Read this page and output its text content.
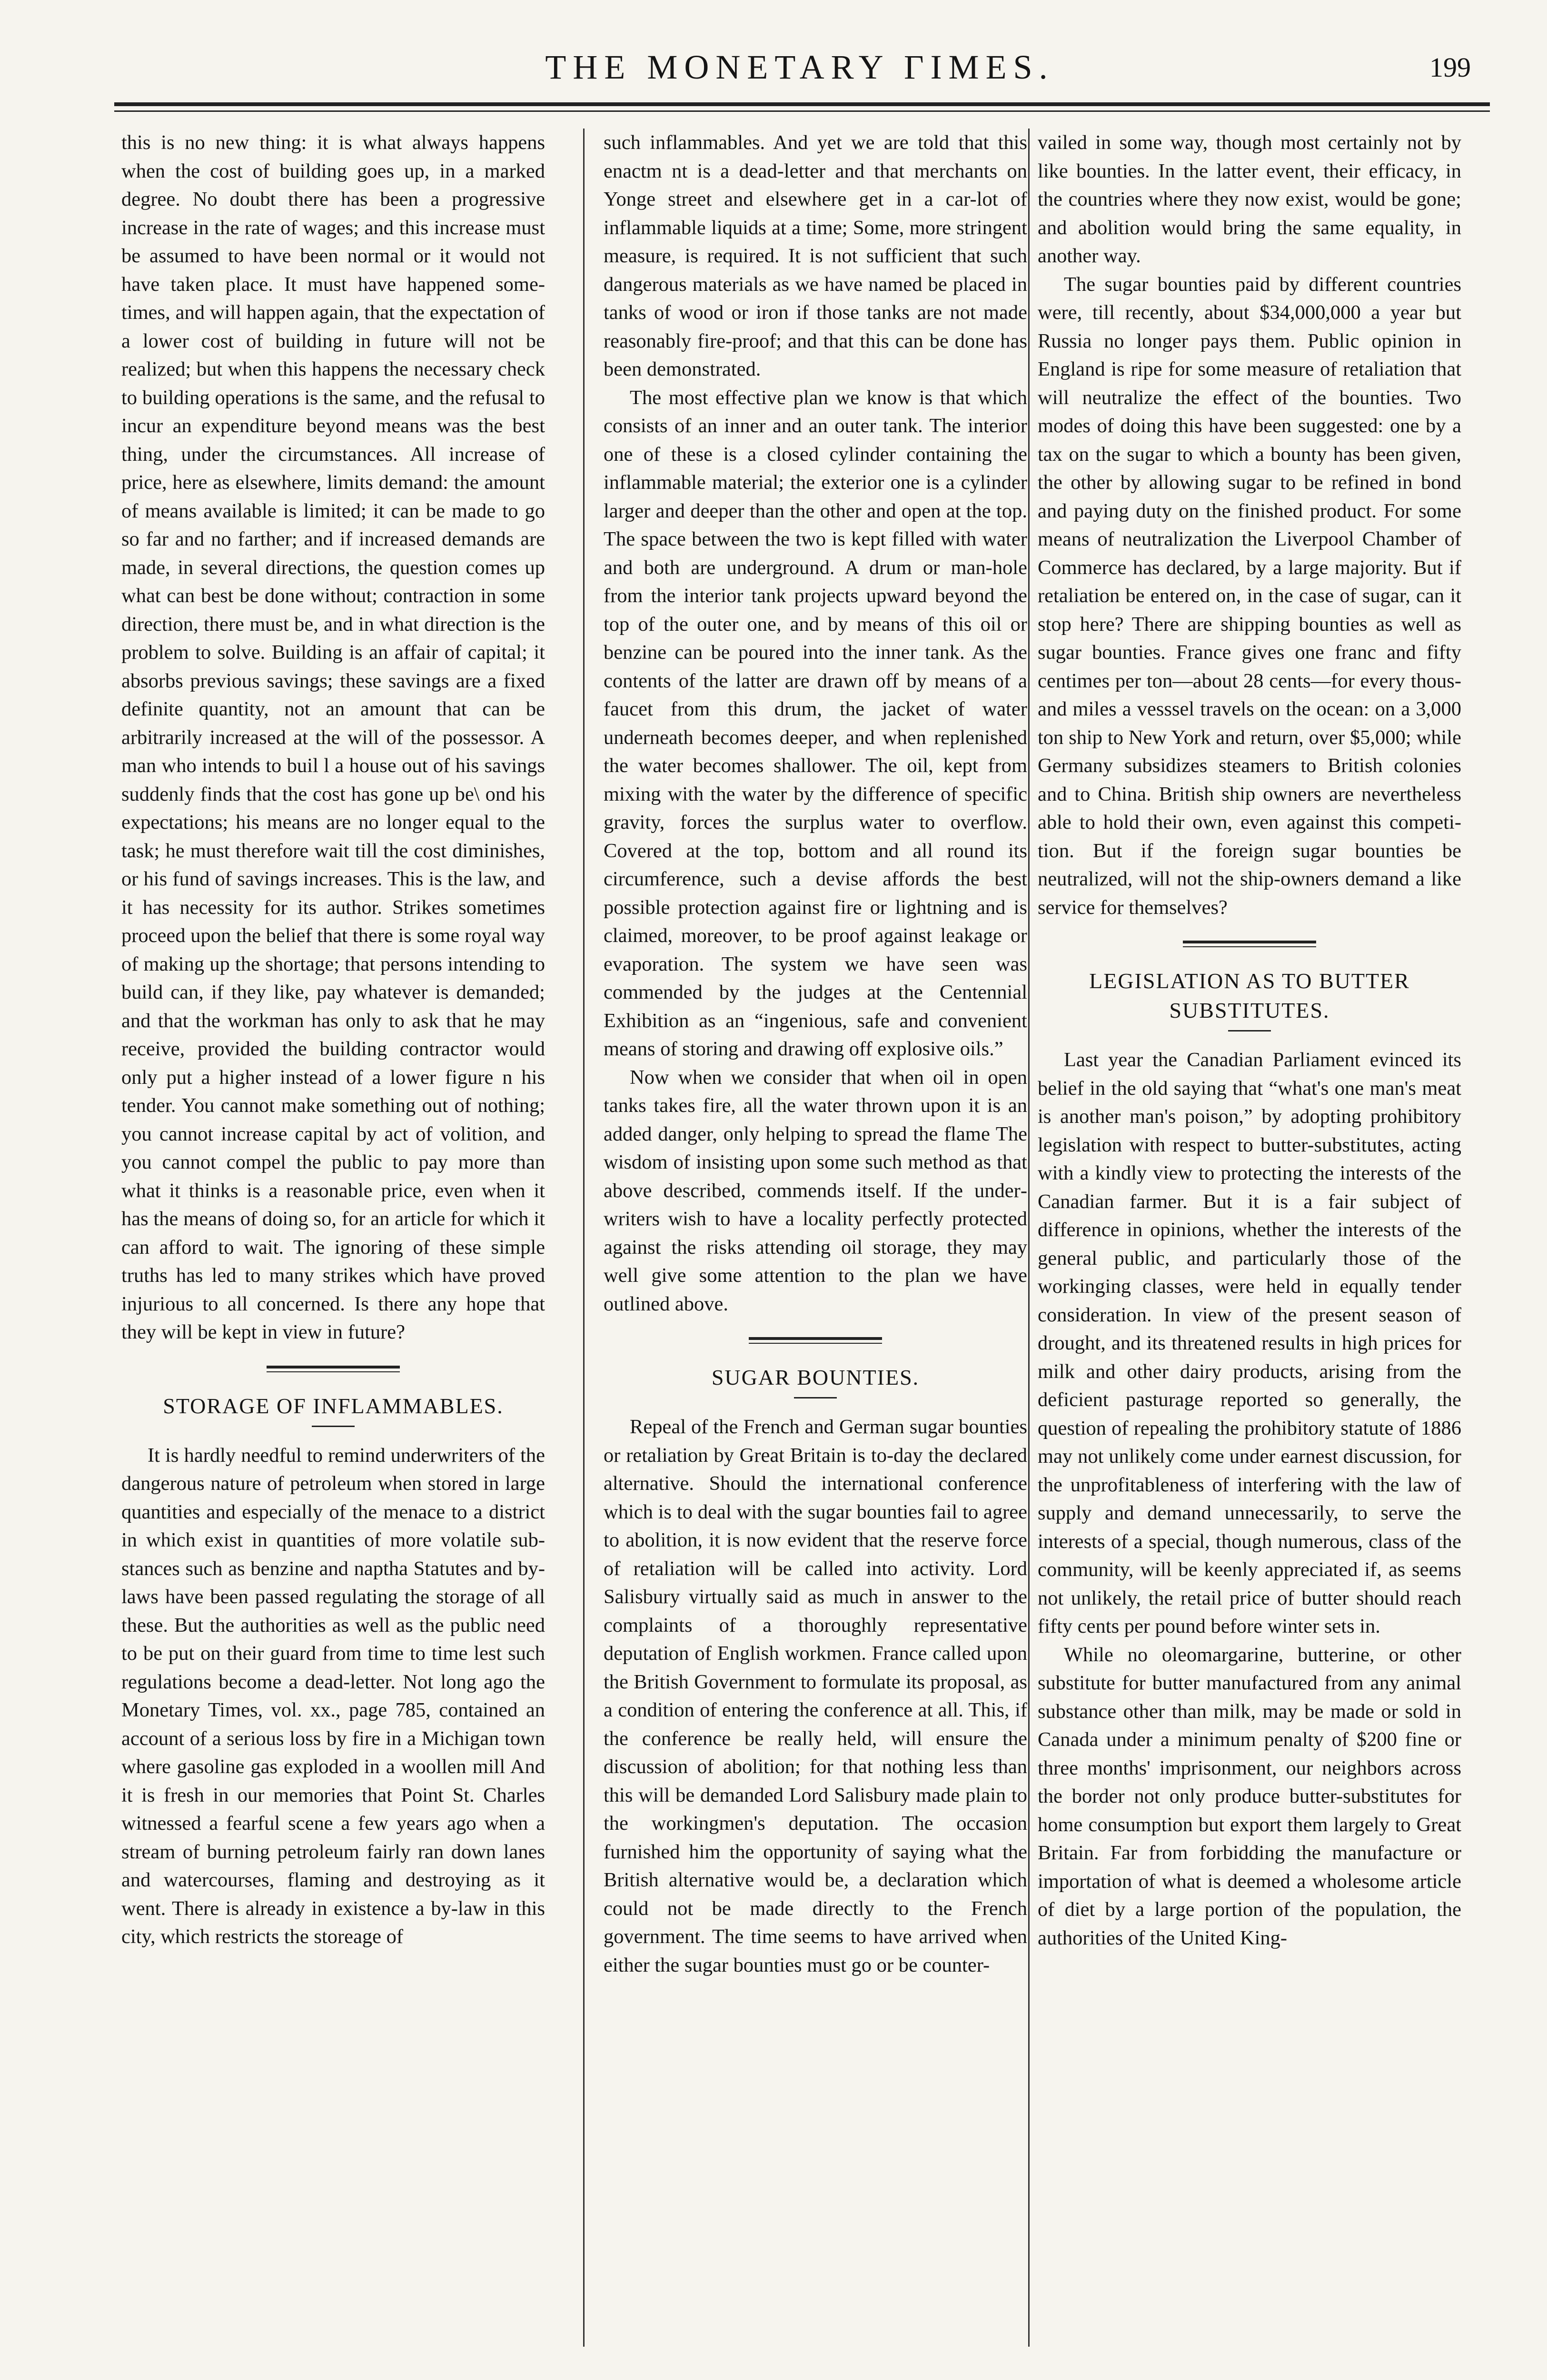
THE MONETARY ΓIMES.	199

this is no new thing: it is what always happens when the cost of building goes up, in a marked degree. No doubt there has been a progressive increase in the rate of wages; and this increase must be assumed to have been normal or it would not have taken place. It must have happened sometimes, and will happen again, that the expectation of a lower cost of building in future will not be realized; but when this happens the necessary check to building operations is the same, and the refusal to incur an expenditure beyond means was the best thing, under the circumstances. All increase of price, here as elsewhere, limits demand: the amount of means available is limited; it can be made to go so far and no farther; and if increased demands are made, in several directions, the question comes up what can best be done without; contraction in some direction, there must be, and in what direction is the problem to solve. Building is an affair of capital; it absorbs previous savings; these savings are a fixed definite quantity, not an amount that can be arbitrarily increased at the will of the possessor. A man who intends to buil l a house out of his savings suddenly finds that the cost has gone up be\ ond his expectations; his means are no longer equal to the task; he must therefore wait till the cost diminishes, or his fund of savings increases. This is the law, and it has necessity for its author. Strikes sometimes proceed upon the belief that there is some royal way of making up the shortage; that persons intending to build can, if they like, pay whatever is demanded; and that the workman has only to ask that he may receive, provided the building contractor would only put a higher instead of a lower figure n his tender. You cannot make something out of nothing; you cannot increase capital by act of volition, and you cannot compel the public to pay more than what it thinks is a reasonable price, even when it has the means of doing so, for an article for which it can afford to wait. The ignoring of these simple truths has led to many strikes which have proved injurious to all concerned. Is there any hope that they will be kept in view in future?

STORAGE OF INFLAMMABLES.

It is hardly needful to remind underwriters of the dangerous nature of petroleum when stored in large quantities and especially of the menace to a district in which exist in quantities of more volatile substances such as benzine and naptha Statutes and by-laws have been passed regulating the storage of all these. But the authorities as well as the public need to be put on their guard from time to time lest such regulations become a dead-letter. Not long ago the Monetary Times, vol. xx., page 785, contained an account of a serious loss by fire in a Michigan town where gasoline gas exploded in a woollen mill And it is fresh in our memories that Point St. Charles witnessed a fearful scene a few years ago when a stream of burning petroleum fairly ran down lanes and watercourses, flaming and destroying as it went. There is already in existence a by-law in this city, which restricts the storeage of

such inflammables. And yet we are told that this enactm nt is a dead-letter and that merchants on Yonge street and elsewhere get in a car-lot of inflammable liquids at a time; Some, more stringent measure, is required. It is not sufficient that such dangerous materials as we have named be placed in tanks of wood or iron if those tanks are not made reasonably fire-proof; and that this can be done has been demonstrated.

The most effective plan we know is that which consists of an inner and an outer tank. The interior one of these is a closed cylinder containing the inflammable material; the exterior one is a cylinder larger and deeper than the other and open at the top. The space between the two is kept filled with water and both are underground. A drum or man-hole from the interior tank projects upward beyond the top of the outer one, and by means of this oil or benzine can be poured into the inner tank. As the contents of the latter are drawn off by means of a faucet from this drum, the jacket of water underneath becomes deeper, and when replenished the water becomes shallower. The oil, kept from mixing with the water by the difference of specific gravity, forces the surplus water to overflow. Covered at the top, bottom and all round its circumference, such a devise affords the best possible protection against fire or lightning and is claimed, moreover, to be proof against leakage or evaporation. The system we have seen was commended by the judges at the Centennial Exhibition as an “ingenious, safe and convenient means of storing and drawing off explosive oils.”

Now when we consider that when oil in open tanks takes fire, all the water thrown upon it is an added danger, only helping to spread the flame The wisdom of insisting upon some such method as that above described, commends itself. If the underwriters wish to have a locality perfectly protected against the risks attending oil storage, they may well give some attention to the plan we have outlined above.

SUGAR BOUNTIES.

Repeal of the French and German sugar bounties or retaliation by Great Britain is to-day the declared alternative. Should the international conference which is to deal with the sugar bounties fail to agree to abolition, it is now evident that the reserve force of retaliation will be called into activity. Lord Salisbury virtually said as much in answer to the complaints of a thoroughly representative deputation of English workmen. France called upon the British Government to formulate its proposal, as a condition of entering the conference at all. This, if the conference be really held, will ensure the discussion of abolition; for that nothing less than this will be demanded Lord Salisbury made plain to the workingmen's deputation. The occasion furnished him the opportunity of saying what the British alternative would be, a declaration which could not be made directly to the French government. The time seems to have arrived when either the sugar bounties must go or be counter-

vailed in some way, though most certainly not by like bounties. In the latter event, their efficacy, in the countries where they now exist, would be gone; and abolition would bring the same equality, in another way.

The sugar bounties paid by different countries were, till recently, about $34,000,000 a year but Russia no longer pays them. Public opinion in England is ripe for some measure of retaliation that will neutralize the effect of the bounties. Two modes of doing this have been suggested: one by a tax on the sugar to which a bounty has been given, the other by allowing sugar to be refined in bond and paying duty on the finished product. For some means of neutralization the Liverpool Chamber of Commerce has declared, by a large majority. But if retaliation be entered on, in the case of sugar, can it stop here? There are shipping bounties as well as sugar bounties. France gives one franc and fifty centimes per ton—about 28 cents—for every thousand miles a vesssel travels on the ocean: on a 3,000 ton ship to New York and return, over $5,000; while Germany subsidizes steamers to British colonies and to China. British ship owners are nevertheless able to hold their own, even against this competition. But if the foreign sugar bounties be neutralized, will not the ship-owners demand a like service for themselves?

LEGISLATION AS TO BUTTER SUBSTITUTES.

Last year the Canadian Parliament evinced its belief in the old saying that “what's one man's meat is another man's poison,” by adopting prohibitory legislation with respect to butter-substitutes, acting with a kindly view to protecting the interests of the Canadian farmer. But it is a fair subject of difference in opinions, whether the interests of the general public, and particularly those of the workinging classes, were held in equally tender consideration. In view of the present season of drought, and its threatened results in high prices for milk and other dairy products, arising from the deficient pasturage reported so generally, the question of repealing the prohibitory statute of 1886 may not unlikely come under earnest discussion, for the unprofitableness of interfering with the law of supply and demand unnecessarily, to serve the interests of a special, though numerous, class of the community, will be keenly appreciated if, as seems not unlikely, the retail price of butter should reach fifty cents per pound before winter sets in.

While no oleomargarine, butterine, or other substitute for butter manufactured from any animal substance other than milk, may be made or sold in Canada under a minimum penalty of $200 fine or three months' imprisonment, our neighbors across the border not only produce butter-substitutes for home consumption but export them largely to Great Britain. Far from forbidding the manufacture or importation of what is deemed a wholesome article of diet by a large portion of the population, the authorities of the United King-
